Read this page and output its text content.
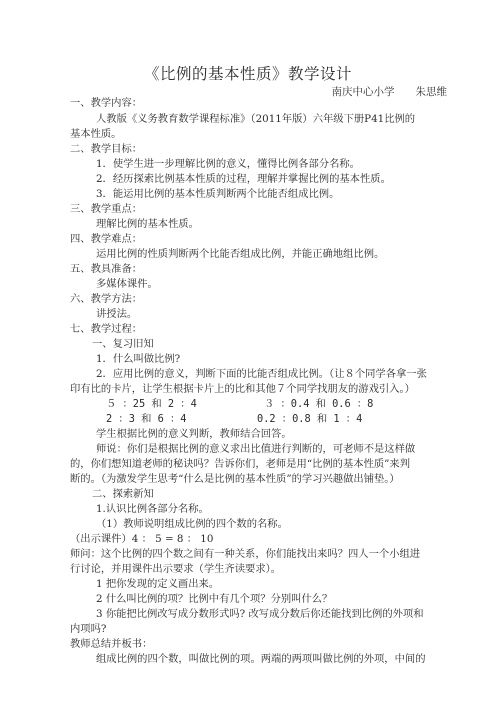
《比例的基本性质》教学设计
南庆中心小学　　朱思维
一、教学内容：
人教版《义务教育数学课程标准》（2011年版）六年级下册P41比例的
基本性质。
二、教学目标：
1．使学生进一步理解比例的意义，懂得比例各部分名称。
2．经历探索比例基本性质的过程，理解并掌握比例的基本性质。
3．能运用比例的基本性质判断两个比能否组成比例。
三、教学重点：
理解比例的基本性质。
四、教学难点：
运用比例的性质判断两个比能否组成比例，并能正确地组比例。
五、教具准备：
多媒体课件。
六、教学方法：
讲授法。
七、教学过程：
一、复习旧知
1．什么叫做比例?
2．应用比例的意义，判断下面的比能否组成比例。（让８个同学各拿一张
印有比的卡片，让学生根据卡片上的比和其他７个同学找朋友的游戏引入。）
５ ：25 和 2 ：4	３ ：0.4 和 0.6 ：8
2 ：3 和 6 ：4	0.2 ：0.8 和 1 ：4
学生根据比例的意义判断，教师结合回答。
师说：你们是根据比例的意义求出比值进行判断的，可老师不是这样做
的，你们想知道老师的秘诀吗？告诉你们，老师是用“比例的基本性质”来判
断的。（为激发学生思考“什么是比例的基本性质”的学习兴趣做出铺垫。）
二、探索新知
1.认识比例各部分名称。
（1）教师说明组成比例的四个数的名称。
（出示课件）4 ： 5 = 8 ： 10
师问：这个比例的四个数之间有一种关系，你们能找出来吗？四人一个小组进
行讨论，并用课件出示要求（学生齐读要求）。
1 把你发现的定义画出来。
2 什么叫比例的项？比例中有几个项？分别叫什么？
3 你能把比例改写成分数形式吗? 改写成分数后你还能找到比例的外项和
内项吗?
教师总结并板书：
组成比例的四个数，叫做比例的项。两端的两项叫做比例的外项，中间的
